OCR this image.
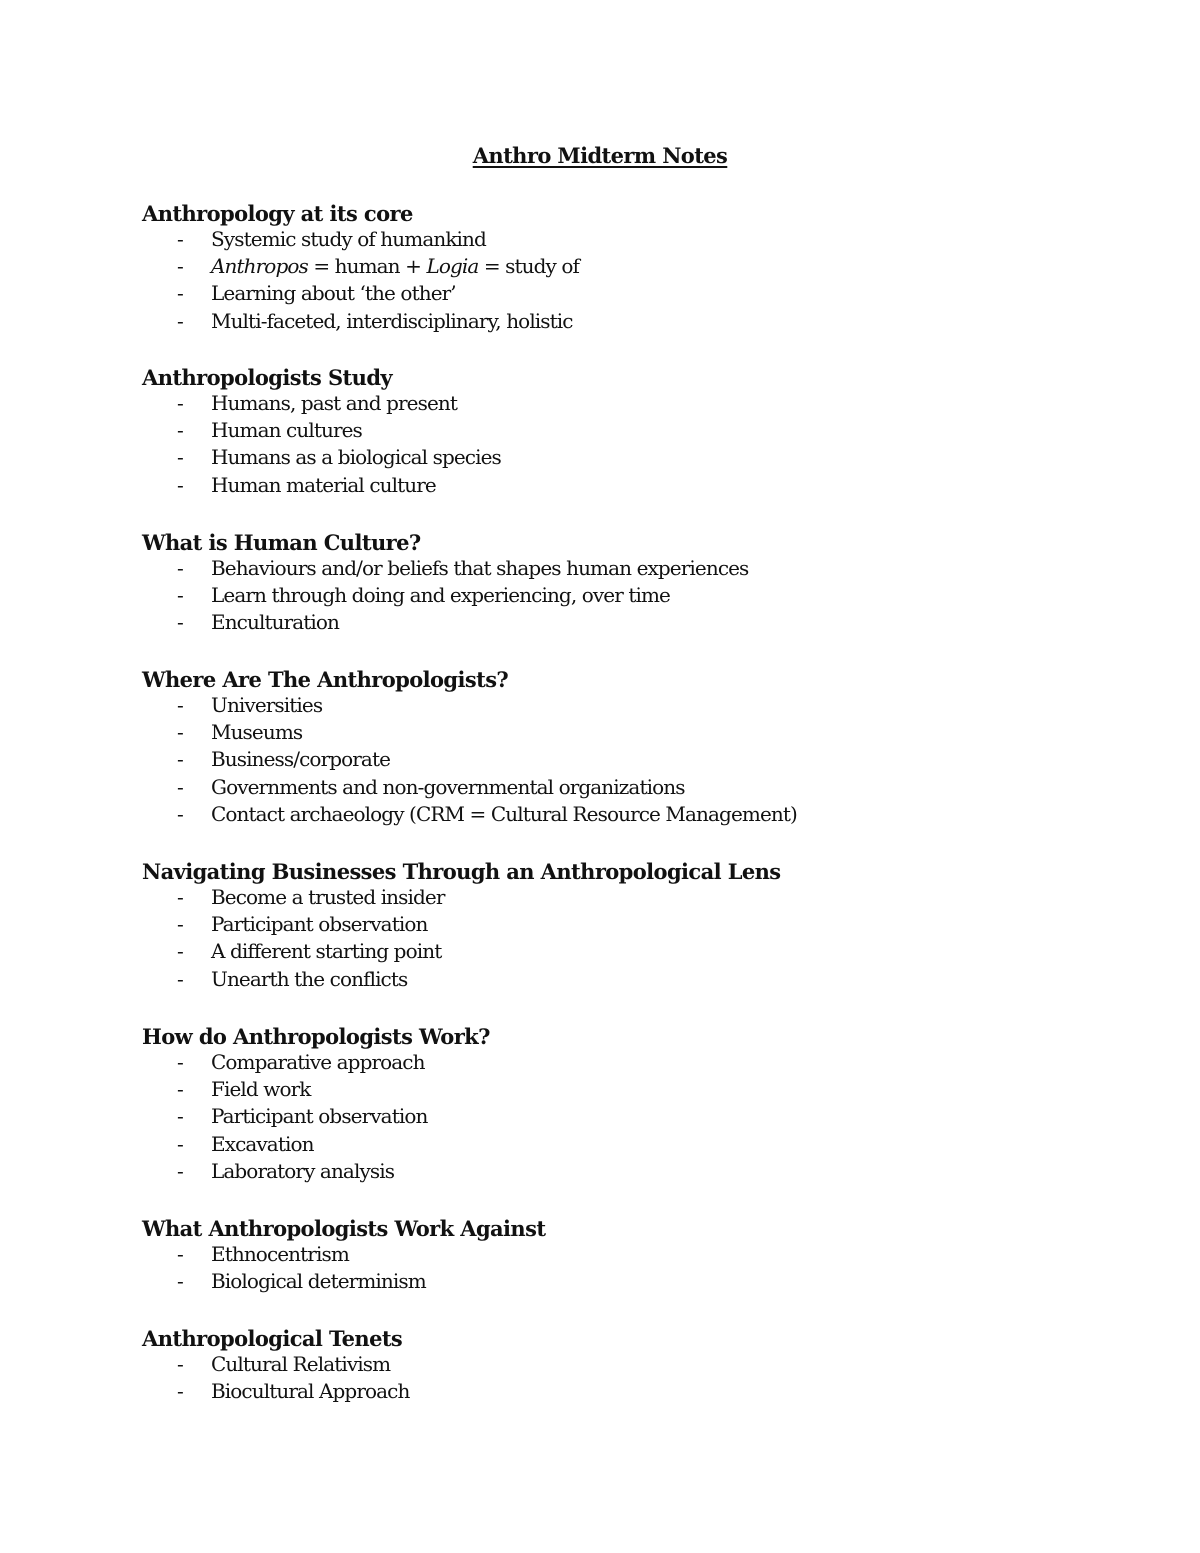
Anthro Midterm Notes
Anthropology at its core
- Systemic study of humankind
- Anthropos = human + Logia = study of
- Learning about ‘the other’
- Multi-faceted, interdisciplinary, holistic
Anthropologists Study
- Humans, past and present
- Human cultures
- Humans as a biological species
- Human material culture
What is Human Culture?
- Behaviours and/or beliefs that shapes human experiences
- Learn through doing and experiencing, over time
- Enculturation
Where Are The Anthropologists?
- Universities
- Museums
- Business/corporate
- Governments and non-governmental organizations
- Contact archaeology (CRM = Cultural Resource Management)
Navigating Businesses Through an Anthropological Lens
- Become a trusted insider
- Participant observation
- A different starting point
- Unearth the conflicts
How do Anthropologists Work?
- Comparative approach
- Field work
- Participant observation
- Excavation
- Laboratory analysis
What Anthropologists Work Against
- Ethnocentrism
- Biological determinism
Anthropological Tenets
- Cultural Relativism
- Biocultural Approach
